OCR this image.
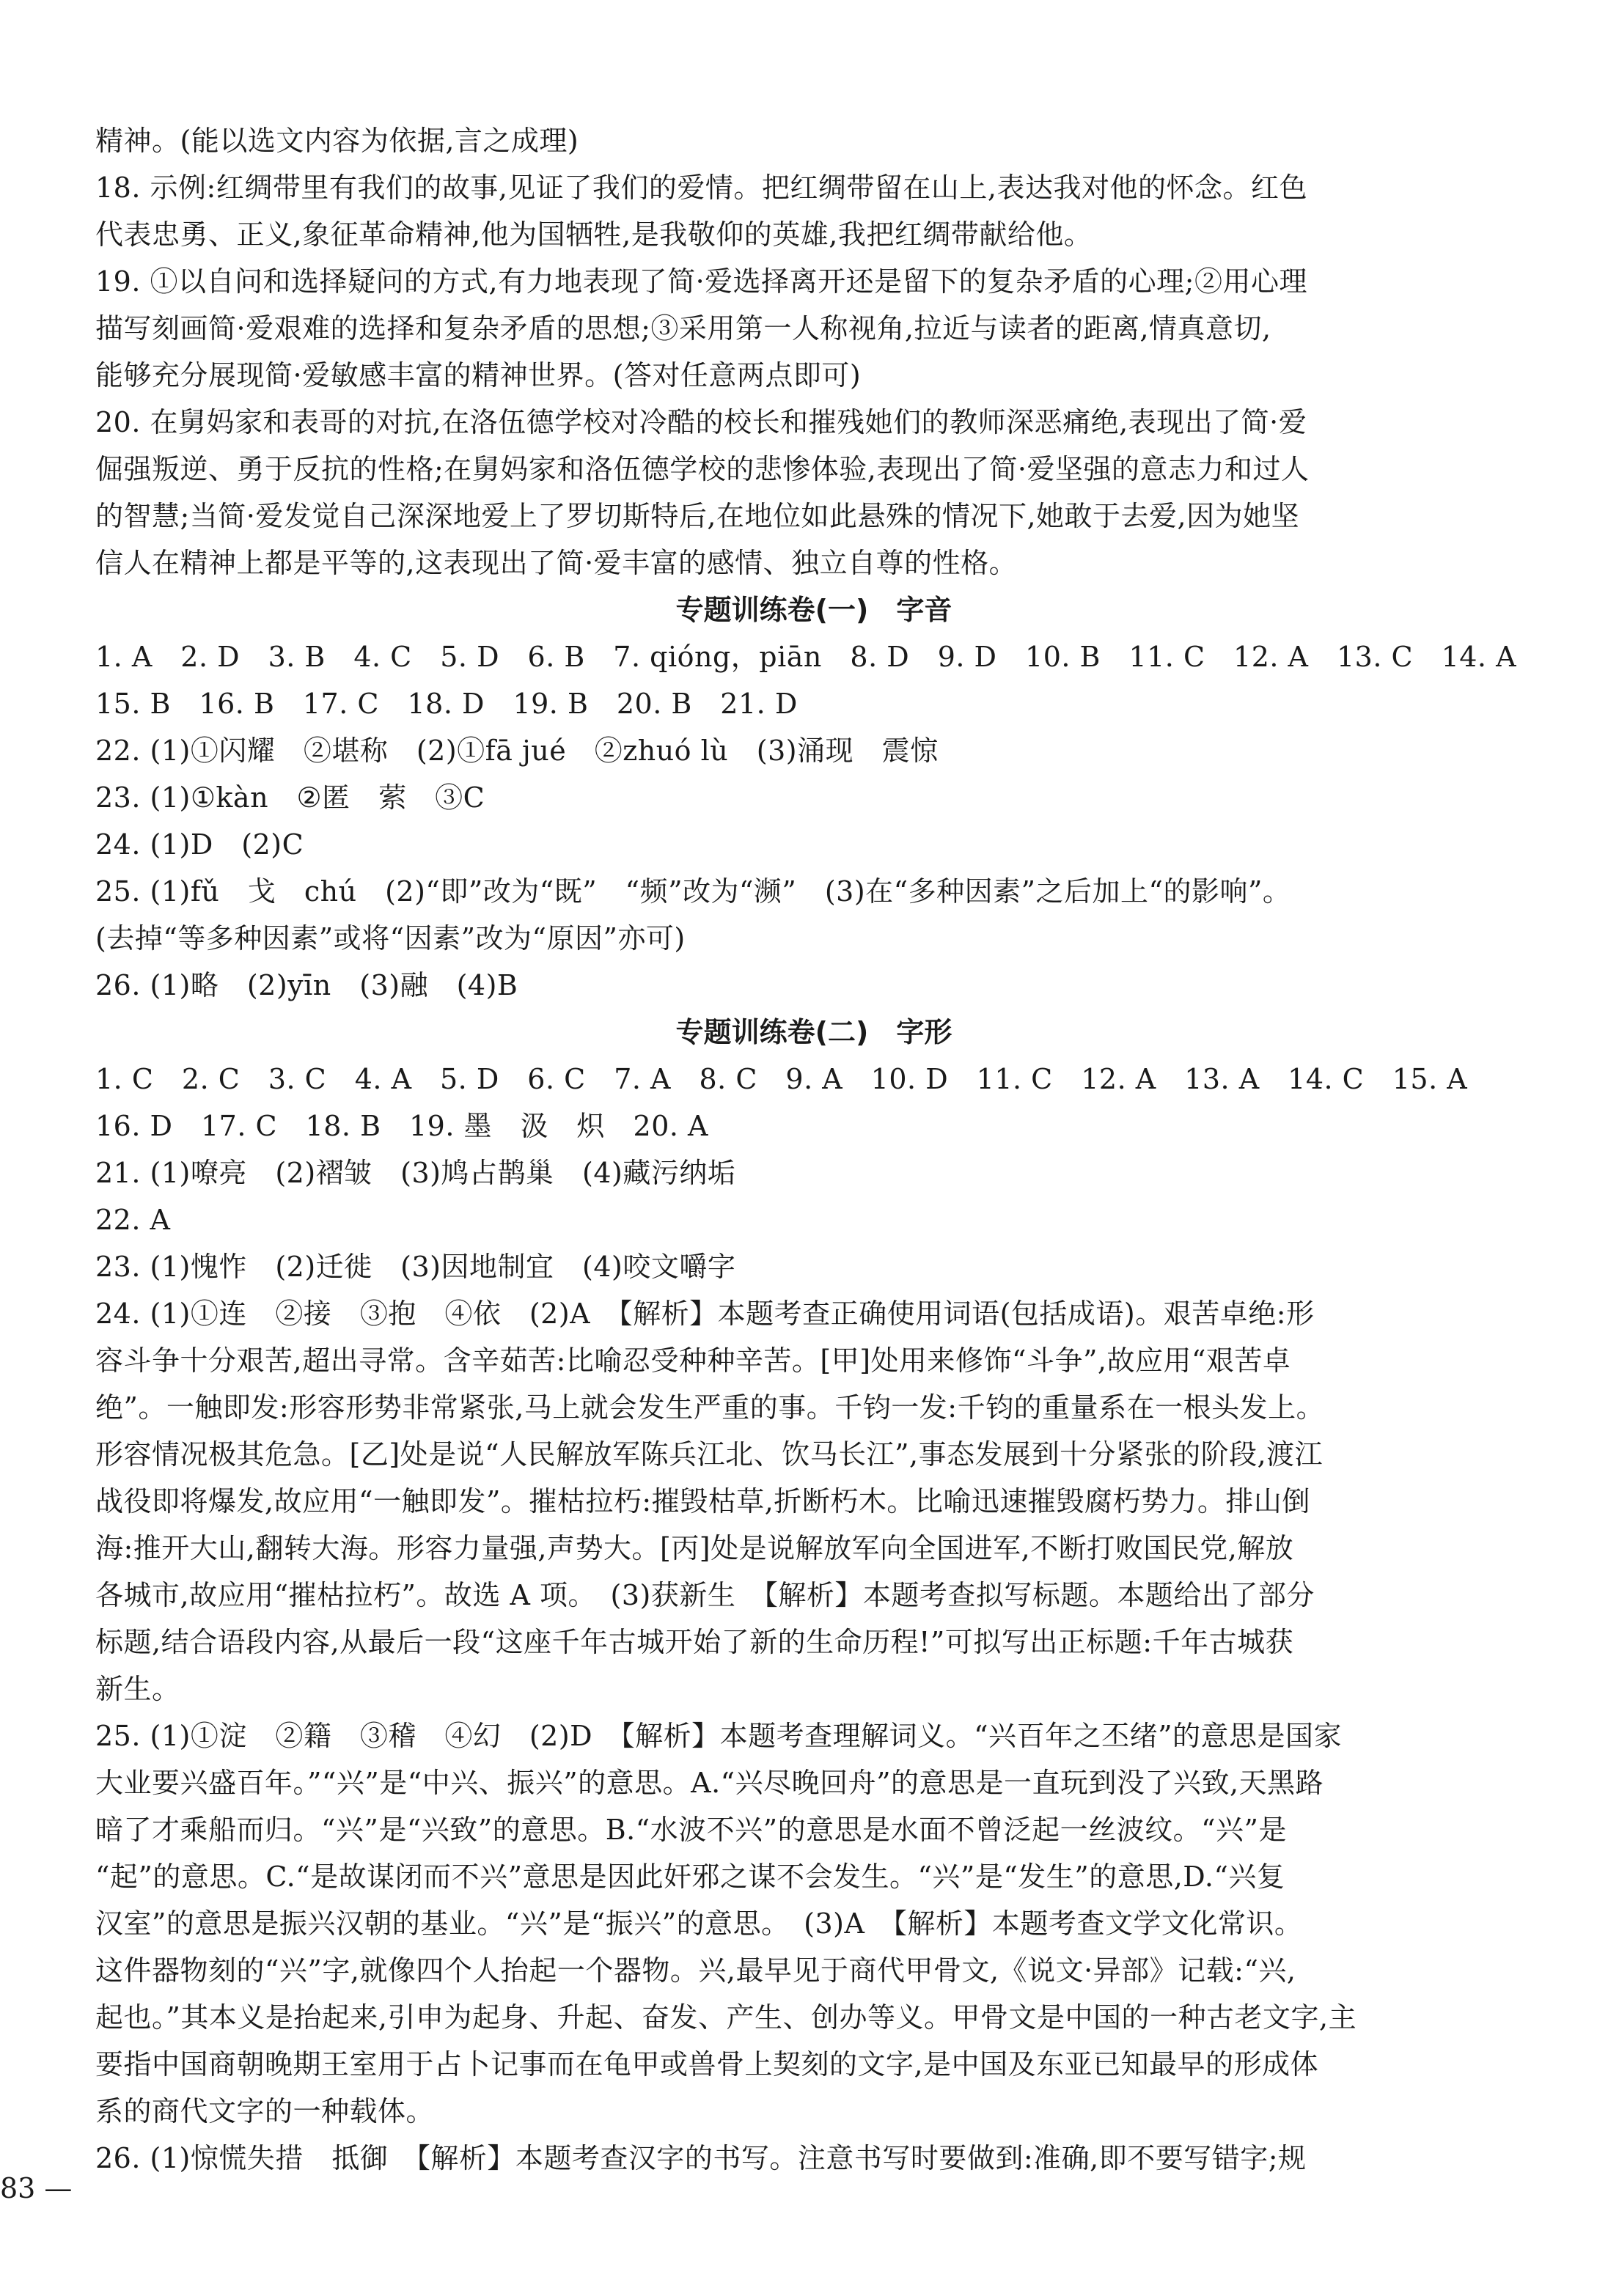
精神。(能以选文内容为依据,言之成理)
18. 示例:红绸带里有我们的故事,见证了我们的爱情。把红绸带留在山上,表达我对他的怀念。红色
代表忠勇、正义,象征革命精神,他为国牺牲,是我敬仰的英雄,我把红绸带献给他。
19. ①以自问和选择疑问的方式,有力地表现了简·爱选择离开还是留下的复杂矛盾的心理;②用心理
描写刻画简·爱艰难的选择和复杂矛盾的思想;③采用第一人称视角,拉近与读者的距离,情真意切,
能够充分展现简·爱敏感丰富的精神世界。(答对任意两点即可)
20. 在舅妈家和表哥的对抗,在洛伍德学校对冷酷的校长和摧残她们的教师深恶痛绝,表现出了简·爱
倔强叛逆、勇于反抗的性格;在舅妈家和洛伍德学校的悲惨体验,表现出了简·爱坚强的意志力和过人
的智慧;当简·爱发觉自己深深地爱上了罗切斯特后,在地位如此悬殊的情况下,她敢于去爱,因为她坚
信人在精神上都是平等的,这表现出了简·爱丰富的感情、独立自尊的性格。
专题训练卷(一)　字音
1. A　2. D　3. B　4. C　5. D　6. B　7. qióng，piān　8. D　9. D　10. B　11. C　12. A　13. C　14. A
15. B　16. B　17. C　18. D　19. B　20. B　21. D
22. (1)①闪耀　②堪称　(2)①fā jué　②zhuó lù　(3)涌现　震惊
23. (1)①kàn　②匿　萦　③C
24. (1)D　(2)C
25. (1)fǔ　戈　chú　(2)“即”改为“既”　“频”改为“濒”　(3)在“多种因素”之后加上“的影响”。
(去掉“等多种因素”或将“因素”改为“原因”亦可)
26. (1)略　(2)yīn　(3)融　(4)B
专题训练卷(二)　字形
1. C　2. C　3. C　4. A　5. D　6. C　7. A　8. C　9. A　10. D　11. C　12. A　13. A　14. C　15. A
16. D　17. C　18. B　19. 墨　汲　炽　20. A
21. (1)嘹亮　(2)褶皱　(3)鸠占鹊巢　(4)藏污纳垢
22. A
23. (1)愧怍　(2)迁徙　(3)因地制宜　(4)咬文嚼字
24. (1)①连　②接　③抱　④依　(2)A　【解析】本题考查正确使用词语(包括成语)。艰苦卓绝:形
容斗争十分艰苦,超出寻常。含辛茹苦:比喻忍受种种辛苦。[甲]处用来修饰“斗争”,故应用“艰苦卓
绝”。一触即发:形容形势非常紧张,马上就会发生严重的事。千钧一发:千钧的重量系在一根头发上。
形容情况极其危急。[乙]处是说“人民解放军陈兵江北、饮马长江”,事态发展到十分紧张的阶段,渡江
战役即将爆发,故应用“一触即发”。摧枯拉朽:摧毁枯草,折断朽木。比喻迅速摧毁腐朽势力。排山倒
海:推开大山,翻转大海。形容力量强,声势大。[丙]处是说解放军向全国进军,不断打败国民党,解放
各城市,故应用“摧枯拉朽”。故选 A 项。　(3)获新生　【解析】本题考查拟写标题。本题给出了部分
标题,结合语段内容,从最后一段“这座千年古城开始了新的生命历程!”可拟写出正标题:千年古城获
新生。
25. (1)①淀　②籍　③稽　④幻　(2)D　【解析】本题考查理解词义。“兴百年之丕绪”的意思是国家
大业要兴盛百年。”“兴”是“中兴、振兴”的意思。A.“兴尽晚回舟”的意思是一直玩到没了兴致,天黑路
暗了才乘船而归。“兴”是“兴致”的意思。B.“水波不兴”的意思是水面不曾泛起一丝波纹。“兴”是
“起”的意思。C.“是故谋闭而不兴”意思是因此奸邪之谋不会发生。“兴”是“发生”的意思,D.“兴复
汉室”的意思是振兴汉朝的基业。“兴”是“振兴”的意思。　(3)A　【解析】本题考查文学文化常识。
这件器物刻的“兴”字,就像四个人抬起一个器物。兴,最早见于商代甲骨文,《说文·异部》记载:“兴,
起也。”其本义是抬起来,引申为起身、升起、奋发、产生、创办等义。甲骨文是中国的一种古老文字,主
要指中国商朝晚期王室用于占卜记事而在龟甲或兽骨上契刻的文字,是中国及东亚已知最早的形成体
系的商代文字的一种载体。
26. (1)惊慌失措　抵御　【解析】本题考查汉字的书写。注意书写时要做到:准确,即不要写错字;规
83 —
